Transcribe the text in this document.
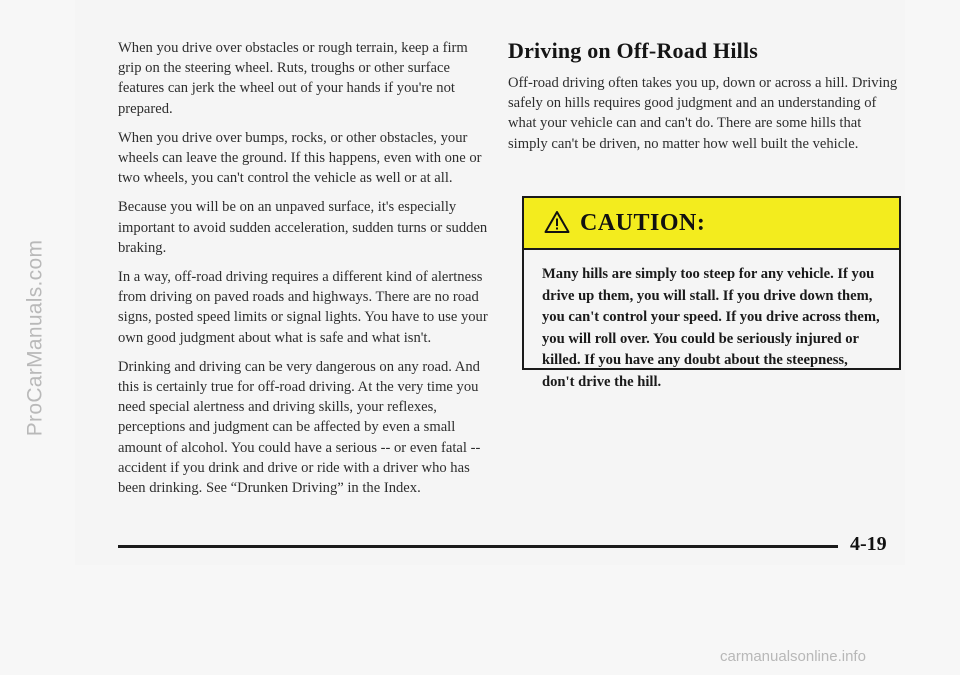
ProCarManuals.com

When you drive over obstacles or rough terrain, keep a firm grip on the steering wheel. Ruts, troughs or other surface features can jerk the wheel out of your hands if you're not prepared.

When you drive over bumps, rocks, or other obstacles, your wheels can leave the ground. If this happens, even with one or two wheels, you can't control the vehicle as well or at all.

Because you will be on an unpaved surface, it's especially important to avoid sudden acceleration, sudden turns or sudden braking.

In a way, off-road driving requires a different kind of alertness from driving on paved roads and highways. There are no road signs, posted speed limits or signal lights. You have to use your own good judgment about what is safe and what isn't.

Drinking and driving can be very dangerous on any road. And this is certainly true for off-road driving. At the very time you need special alertness and driving skills, your reflexes, perceptions and judgment can be affected by even a small amount of alcohol. You could have a serious -- or even fatal -- accident if you drink and drive or ride with a driver who has been drinking. See “Drunken Driving” in the Index.

Driving on Off-Road Hills

Off-road driving often takes you up, down or across a hill. Driving safely on hills requires good judgment and an understanding of what your vehicle can and can't do. There are some hills that simply can't be driven, no matter how well built the vehicle.

CAUTION:
Many hills are simply too steep for any vehicle. If you drive up them, you will stall. If you drive down them, you can't control your speed. If you drive across them, you will roll over. You could be seriously injured or killed. If you have any doubt about the steepness, don't drive the hill.
4-19
carmanualsonline.info
